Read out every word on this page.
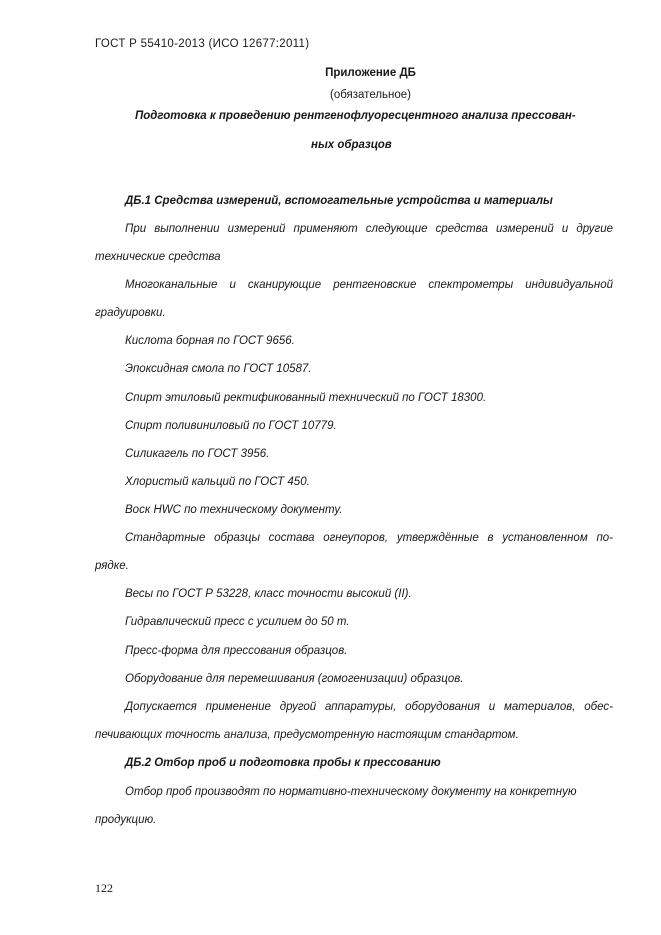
ГОСТ Р 55410-2013 (ИСО 12677:2011)
Приложение ДБ
(обязательное)
Подготовка к проведению рентгенофлуоресцентного анализа прессован-
ных образцов
ДБ.1 Средства измерений, вспомогательные устройства и материалы
При выполнении измерений применяют следующие средства измерений и другие
технические средства
Многоканальные и сканирующие рентгеновские спектрометры индивидуальной
градуировки.
Кислота борная по ГОСТ 9656.
Эпоксидная смола по ГОСТ 10587.
Спирт этиловый ректификованный технический по ГОСТ 18300.
Спирт поливиниловый по ГОСТ 10779.
Силикагель по ГОСТ 3956.
Хлористый кальций по ГОСТ 450.
Воск HWC по техническому документу.
Стандартные образцы состава огнеупоров, утверждённые в установленном по-
рядке.
Весы по ГОСТ Р 53228, класс точности высокий (II).
Гидравлический пресс с усилием до 50 т.
Пресс-форма для прессования образцов.
Оборудование для перемешивания (гомогенизации) образцов.
Допускается применение другой аппаратуры, оборудования и материалов, обес-
печивающих точность анализа, предусмотренную настоящим стандартом.
ДБ.2 Отбор проб и подготовка пробы к прессованию
Отбор проб производят по нормативно-техническому документу на конкретную
продукцию.
122
